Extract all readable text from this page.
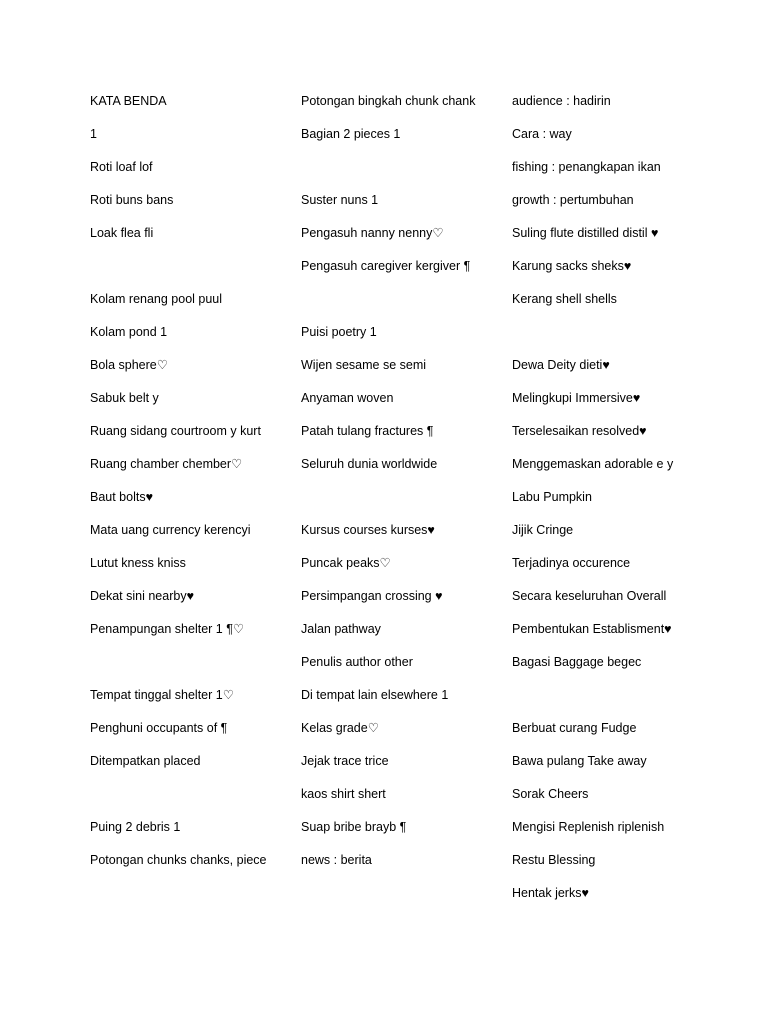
KATA BENDA
1
Roti loaf lof
Roti buns bans
Loak flea fli
Kolam renang pool puul
Kolam pond 1
Bola sphere♡
Sabuk belt y
Ruang sidang courtroom y kurt
Ruang chamber chember♡
Baut bolts♥
Mata uang currency kerencyi
Lutut kness kniss
Dekat sini nearby♥
Penampungan shelter 1 ¶♡
Tempat tinggal shelter 1♡
Penghuni occupants of ¶
Ditempatkan placed
Puing 2 debris 1
Potongan chunks chanks, piece
Potongan bingkah chunk chank
Bagian 2 pieces 1
Suster nuns 1
Pengasuh nanny nenny♡
Pengasuh caregiver kergiver ¶
Puisi poetry 1
Wijen sesame se semi
Anyaman woven
Patah tulang fractures ¶
Seluruh dunia worldwide
Kursus courses kurses♥
Puncak peaks♡
Persimpangan crossing ♥
Jalan pathway
Penulis author other
Di tempat lain elsewhere 1
Kelas grade♡
Jejak trace trice
kaos shirt shert
Suap bribe brayb ¶
news : berita
audience : hadirin
Cara : way
fishing : penangkapan ikan
growth : pertumbuhan
Suling flute distilled distil ♥
Karung sacks sheks♥
Kerang shell shells
Dewa Deity dieti♥
Melingkupi Immersive♥
Terselesaikan resolved♥
Menggemaskan adorable e y
Labu Pumpkin
Jijik Cringe
Terjadinya occurence
Secara keseluruhan Overall
Pembentukan Establisment♥
Bagasi Baggage begec
Berbuat curang Fudge
Bawa pulang Take away
Sorak Cheers
Mengisi Replenish riplenish
Restu Blessing
Hentak jerks♥
